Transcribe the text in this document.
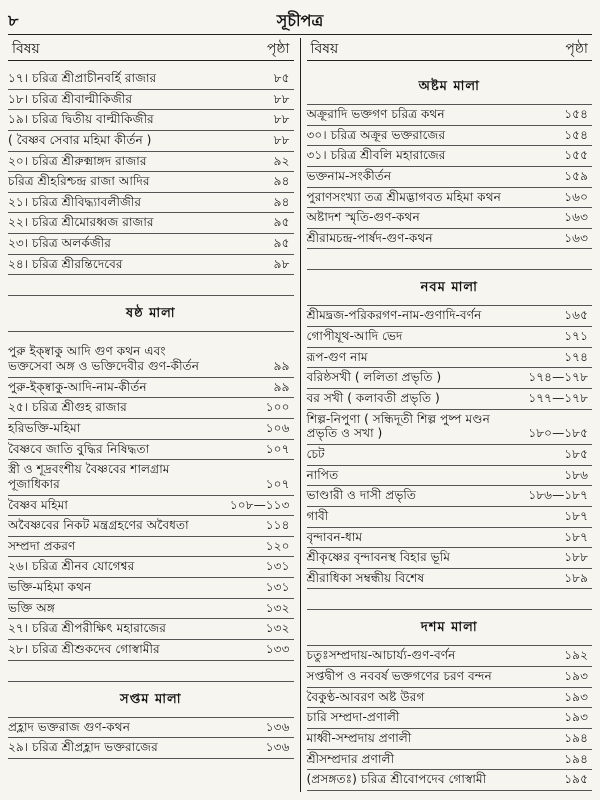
৮	সূচীপত্র
বিষয়	পৃষ্ঠা
১৭। চরিত্র শ্রীপ্রাচীনবর্হি রাজার	৮৫
১৮। চরিত্র শ্রীবাল্মীকিজীর	৮৮
১৯। চরিত্র দ্বিতীয় বাল্মীকিজীর	৮৮
( বৈষ্ণব সেবার মহিমা কীর্তন )	৮৮
২০। চরিত্র শ্রীরুক্মাঙ্গদ রাজার	৯২
চরিত্র শ্রীহরিশ্চন্দ্র রাজা আদির	৯৪
২১। চরিত্র শ্রীবিদ্ধ্যাবলীজীর	৯৪
২২। চরিত্র শ্রীমোরধ্বজ রাজার	৯৫
২৩। চরিত্র অলর্কজীর	৯৫
২৪। চরিত্র শ্রীরন্তিদেবের	৯৮
ষষ্ঠ মালা
পুরু ইক্ষ্বাকু আদি গুণ কথন এবং ভক্তসেবা অঙ্গ ও ভক্তিদেবীর গুণ-কীর্তন	৯৯
পুরু-ইক্ষ্বাকু-আদি-নাম-কীর্তন	৯৯
২৫। চরিত্র শ্রীগুহ রাজার	১০০
হরিভক্তি-মহিমা	১০৬
বৈষ্ণবে জাতি বুদ্ধির নিষিদ্ধতা	১০৭
স্ত্রী ও শূদ্রবংশীয় বৈষ্ণবের শালগ্রাম পূজাধিকার	১০৭
বৈষ্ণব মহিমা	১০৮—১১৩
অবৈষ্ণবের নিকট মন্ত্রগ্রহণের অবৈধতা	১১৪
সম্প্রদা প্রকরণ	১২০
২৬। চরিত্র শ্রীনব যোগেশ্বর	১৩১
ভক্তি-মহিমা কথন	১৩১
ভক্তি অঙ্গ	১৩২
২৭। চরিত্র শ্রীপরীক্ষিৎ মহারাজের	১৩২
২৮। চরিত্র শ্রীশুকদেব গোস্বামীর	১৩৩
সপ্তম মালা
প্রহ্লাদ ভক্তরাজ গুণ-কথন	১৩৬
২৯। চরিত্র শ্রীপ্রহ্লাদ ভক্তরাজের	১৩৬
বিষয়	পৃষ্ঠা
অষ্টম মালা
অক্রূরাদি ভক্তগণ চরিত্র কথন	১৫৪
৩০। চরিত্র অক্রূর ভক্তরাজের	১৫৪
৩১। চরিত্র শ্রীবলি মহারাজের	১৫৫
ভক্তনাম-সংকীর্তন	১৫৯
পুরাণসংখ্যা তত্র শ্রীমদ্ভাগবত মহিমা কথন	১৬০
অষ্টাদশ স্মৃতি-গুণ-কথন	১৬৩
শ্রীরামচন্দ্র-পার্ষদ-গুণ-কথন	১৬৩
নবম মালা
শ্রীমদ্ব্রজ-পরিকরগণ-নাম-গুণাদি-বর্ণন	১৬৫
গোপীযূথ-আদি ভেদ	১৭১
রূপ-গুণ নাম	১৭৪
বরিষ্ঠসখী ( ললিতা প্রভৃতি )	১৭৪—১৭৮
বর সখী ( কলাবতী প্রভৃতি )	১৭৭—১৭৮
শিল্প-নিপুণা ( সন্ধিদূতী শিল্প পুষ্প মণ্ডন প্রভৃতি ও সখা )	১৮০—১৮৫
চেট	১৮৫
নাপিত	১৮৬
ভাণ্ডারী ও দাসী প্রভৃতি	১৮৬—১৮৭
গাবী	১৮৭
বৃন্দাবন-ধাম	১৮৭
শ্রীকৃষ্ণের বৃন্দাবনস্থ বিহার ভূমি	১৮৮
শ্রীরাধিকা সম্বন্ধীয় বিশেষ	১৮৯
দশম মালা
চতুঃসম্প্রদায়-আচার্য্য-গুণ-বর্ণন	১৯২
সপ্তদ্বীপ ও নববর্ষ ভক্তগণের চরণ বন্দন	১৯৩
বৈকুণ্ঠ-আবরণ অষ্ট উরগ	১৯৩
চারি সম্প্রদা-প্রণালী	১৯৩
মাধ্বী-সম্প্রদায় প্রণালী	১৯৪
শ্রীসম্প্রদার প্রণালী	১৯৪
(প্রসঙ্গতঃ) চরিত্র শ্রীবোপদেব গোস্বামী	১৯৫
